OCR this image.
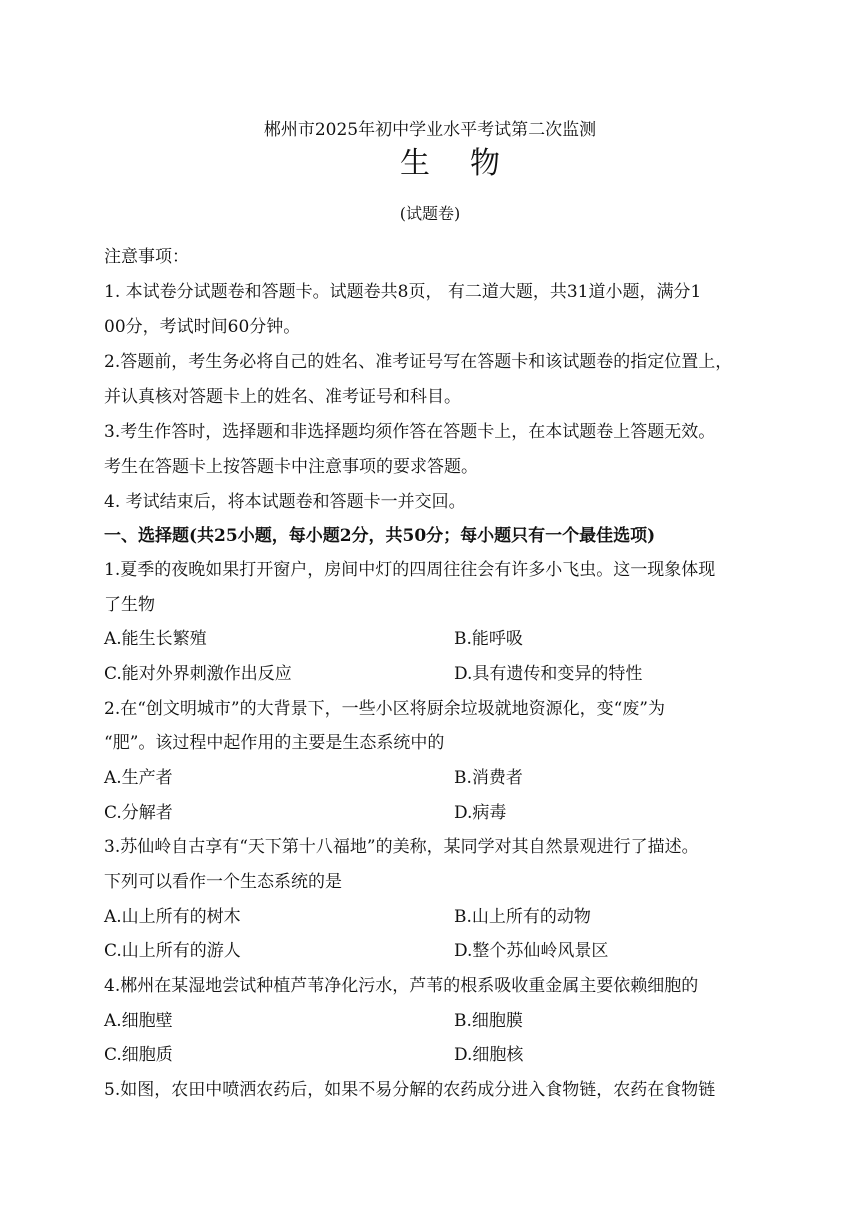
郴州市2025年初中学业水平考试第二次监测
生物
(试题卷)
注意事项：
1. 本试卷分试题卷和答题卡。试题卷共8页， 有二道大题，共31道小题，满分1
00分，考试时间60分钟。
2.答题前，考生务必将自己的姓名、准考证号写在答题卡和该试题卷的指定位置上，
并认真核对答题卡上的姓名、准考证号和科目。
3.考生作答时，选择题和非选择题均须作答在答题卡上，在本试题卷上答题无效。
考生在答题卡上按答题卡中注意事项的要求答题。
4. 考试结束后，将本试题卷和答题卡一并交回。
一、选择题(共25小题，每小题2分，共50分；每小题只有一个最佳选项)
1.夏季的夜晚如果打开窗户，房间中灯的四周往往会有许多小飞虫。这一现象体现
了生物
A.能生长繁殖	B.能呼吸
C.能对外界刺激作出反应	D.具有遗传和变异的特性
2.在“创文明城市”的大背景下，一些小区将厨余垃圾就地资源化，变“废”为
“肥”。该过程中起作用的主要是生态系统中的
A.生产者	B.消费者
C.分解者	D.病毒
3.苏仙岭自古享有“天下第十八福地”的美称，某同学对其自然景观进行了描述。
下列可以看作一个生态系统的是
A.山上所有的树木	B.山上所有的动物
C.山上所有的游人	D.整个苏仙岭风景区
4.郴州在某湿地尝试种植芦苇净化污水，芦苇的根系吸收重金属主要依赖细胞的
A.细胞壁	B.细胞膜
C.细胞质	D.细胞核
5.如图，农田中喷洒农药后，如果不易分解的农药成分进入食物链，农药在食物链
